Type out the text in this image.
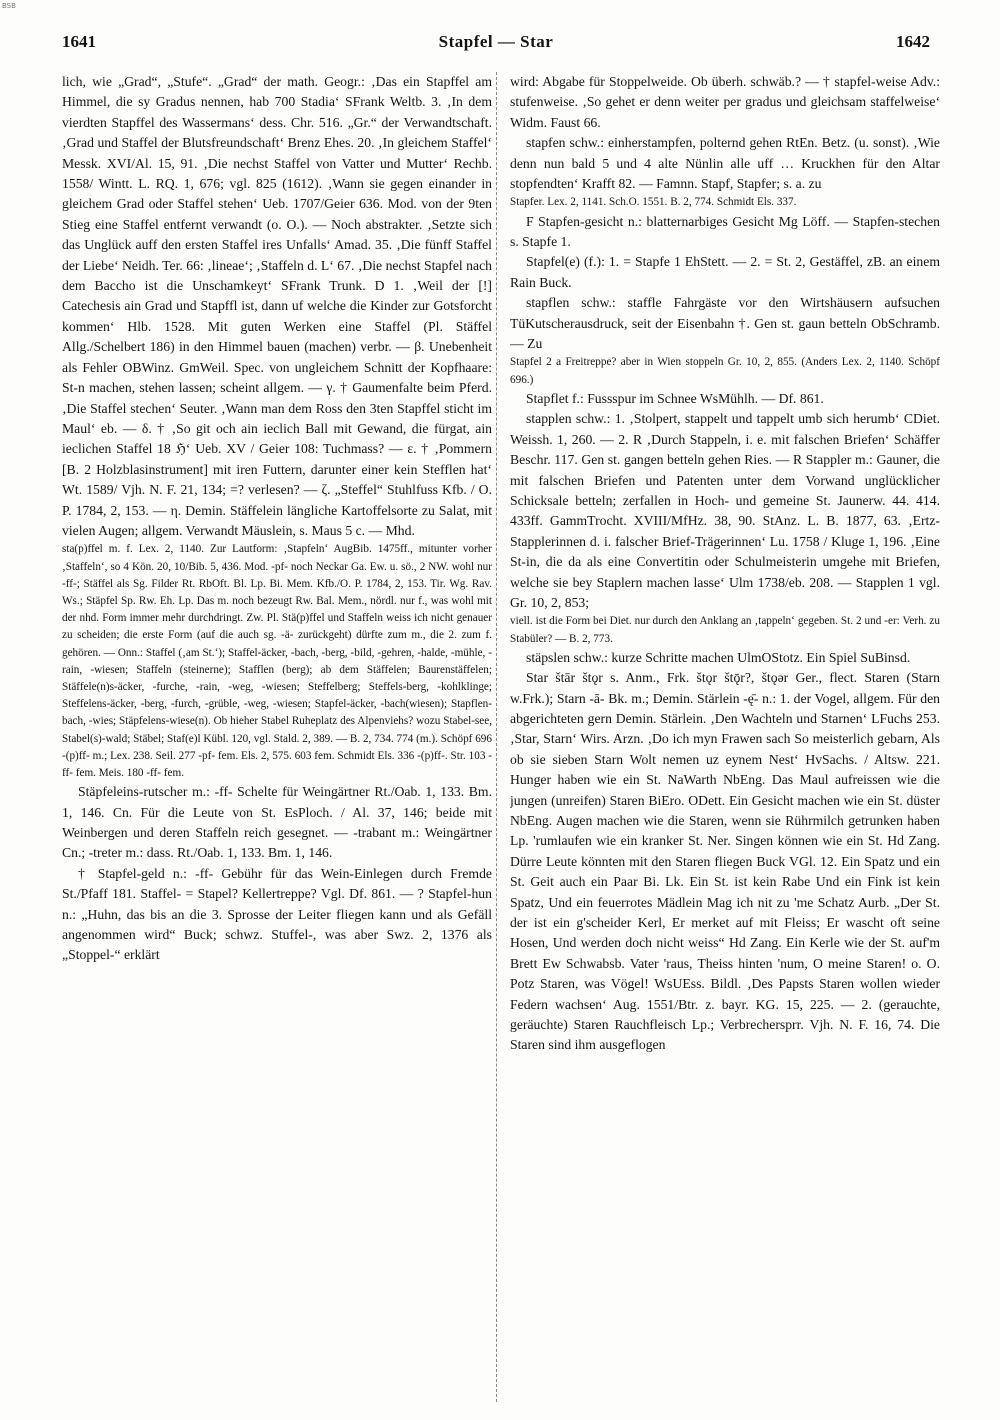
BSB
1641	Stapfel — Star	1642

lich, wie „Grad“, „Stufe“. „Grad“ der math. Geogr.: ‚Das ein Stapffel am Himmel, die sy Gradus nennen, hab 700 Stadia‘ SFrank Weltb. 3. ‚In dem vierdten Stapffel des Wassermans‘ dess. Chr. 516. „Gr.“ der Verwandtschaft. ‚Grad und Staffel der Blutsfreundschaft‘ Brenz Ehes. 20. ‚In gleichem Staffel‘ Messk. XVI/Al. 15, 91. ‚Die nechst Staffel von Vatter und Mutter‘ Rechb. 1558/ Wintt. L. RQ. 1, 676; vgl. 825 (1612). ‚Wann sie gegen einander in gleichem Grad oder Staffel stehen‘ Ueb. 1707/Geier 636. Mod. von der 9ten Stieg eine Staffel entfernt verwandt (o. O.). — Noch abstrakter. ‚Setzte sich das Unglück auff den ersten Staffel ires Unfalls‘ Amad. 35. ‚Die fünff Staffel der Liebe‘ Neidh. Ter. 66: ‚lineae‘; ‚Staffeln d. L‘ 67. ‚Die nechst Stapfel nach dem Baccho ist die Unschamkeyt‘ SFrank Trunk. D 1. ‚Weil der [!] Catechesis ain Grad und Stapffl ist, dann uf welche die Kinder zur Gotsforcht kommen‘ Hlb. 1528. Mit guten Werken eine Staffel (Pl. Stäffel Allg./Schelbert 186) in den Himmel bauen (machen) verbr. — β. Unebenheit als Fehler OBWinz. GmWeil. Spec. von ungleichem Schnitt der Kopfhaare: St-n machen, stehen lassen; scheint allgem. — γ. † Gaumenfalte beim Pferd. ‚Die Staffel stechen‘ Seuter. ‚Wann man dem Ross den 3ten Stapffel sticht im Maul‘ eb. — δ. † ‚So git och ain ieclich Ball mit Gewand, die fürgat, ain ieclichen Staffel 18 ℌ‘ Ueb. XV / Geier 108: Tuchmass? — ε. † ‚Pommern [B. 2 Holzblasinstrument] mit iren Futtern, darunter einer kein Stefflen hat‘ Wt. 1589/ Vjh. N. F. 21, 134; =? verlesen? — ζ. „Steffel“ Stuhlfuss Kfb. / O. P. 1784, 2, 153. — η. Demin. Stäffelein längliche Kartoffelsorte zu Salat, mit vielen Augen; allgem. Verwandt Mäuslein, s. Maus 5 c. — Mhd.

sta(p)ffel m. f. Lex. 2, 1140. Zur Lautform: ‚Stapfeln‘ AugBib. 1475ff., mitunter vorher ‚Staffeln‘, so 4 Kön. 20, 10/Bib. 5, 436. Mod. -pf- noch Neckar Ga. Ew. u. sö., 2 NW. wohl nur -ff-; Stäffel als Sg. Filder Rt. RbOft. Bl. Lp. Bi. Mem. Kfb./O. P. 1784, 2, 153. Tir. Wg. Rav. Ws.; Stäpfel Sp. Rw. Eh. Lp. Das m. noch bezeugt Rw. Bal. Mem., nördl. nur f., was wohl mit der nhd. Form immer mehr durchdringt. Zw. Pl. Stä(p)ffel und Staffeln weiss ich nicht genauer zu scheiden; die erste Form (auf die auch sg. -ä- zurückgeht) dürfte zum m., die 2. zum f. gehören. — Onn.: Staffel (‚am St.‘); Staffel-äcker, -bach, -berg, -bild, -gehren, -halde, -mühle, -rain, -wiesen; Staffeln (steinerne); Stafflen (berg); ab dem Stäffelen; Baurenstäffelen; Stäffele(n)s-äcker, -furche, -rain, -weg, -wiesen; Steffelberg; Steffels-berg, -kohlklinge; Steffelens-äcker, -berg, -furch, -grüble, -weg, -wiesen; Stapfel-äcker, -bach(wiesen); Stapflen-bach, -wies; Stäpfelens-wiese(n). Ob hieher Stabel Ruheplatz des Alpenviehs? wozu Stabel-see, Stabel(s)-wald; Stäbel; Staf(e)l Kübl. 120, vgl. Stald. 2, 389. — B. 2, 734. 774 (m.). Schöpf 696 -(p)ff- m.; Lex. 238. Seil. 277 -pf- fem. Els. 2, 575. 603 fem. Schmidt Els. 336 -(p)ff-. Str. 103 -ff- fem. Meis. 180 -ff- fem.

Stäpfeleins-rutscher m.: -ff- Schelte für Weingärtner Rt./Oab. 1, 133. Bm. 1, 146. Cn. Für die Leute von St. EsPloch. / Al. 37, 146; beide mit Weinbergen und deren Staffeln reich gesegnet. — -trabant m.: Weingärtner Cn.; -treter m.: dass. Rt./Oab. 1, 133. Bm. 1, 146.

† Stapfel-geld n.: -ff- Gebühr für das Wein-Einlegen durch Fremde St./Pfaff 181. Staffel- = Stapel? Kellertreppe? Vgl. Df. 861. — ? Stapfel-hun n.: „Huhn, das bis an die 3. Sprosse der Leiter fliegen kann und als Gefäll angenommen wird“ Buck; schwz. Stuffel-, was aber Swz. 2, 1376 als „Stoppel-“ erklärt

wird: Abgabe für Stoppelweide. Ob überh. schwäb.? — † stapfel-weise Adv.: stufenweise. ‚So gehet er denn weiter per gradus und gleichsam staffelweise‘ Widm. Faust 66.

stapfen schw.: einherstampfen, polternd gehen RtEn. Betz. (u. sonst). ‚Wie denn nun bald 5 und 4 alte Nünlin alle uff … Kruckhen für den Altar stopfendten‘ Krafft 82. — Famnn. Stapf, Stapfer; s. a. zu

Stapfer. Lex. 2, 1141. Sch.O. 1551. B. 2, 774. Schmidt Els. 337.

F Stapfen-gesicht n.: blatternarbiges Gesicht Mg Löff. — Stapfen-stechen s. Stapfe 1.

Stapfel(e) (f.): 1. = Stapfe 1 EhStett. — 2. = St. 2, Gestäffel, zB. an einem Rain Buck.

stapflen schw.: staffle Fahrgäste vor den Wirtshäusern aufsuchen TüKutscherausdruck, seit der Eisenbahn †. Gen st. gaun betteln ObSchramb. — Zu

Stapfel 2 a Freitreppe? aber in Wien stoppeln Gr. 10, 2, 855. (Anders Lex. 2, 1140. Schöpf 696.)

Stapflet f.: Fussspur im Schnee WsMühlh. — Df. 861.

stapplen schw.: 1. ‚Stolpert, stappelt und tappelt umb sich herumb‘ CDiet. Weissh. 1, 260. — 2. R ‚Durch Stappeln, i. e. mit falschen Briefen‘ Schäffer Beschr. 117. Gen st. gangen betteln gehen Ries. — R Stappler m.: Gauner, die mit falschen Briefen und Patenten unter dem Vorwand unglücklicher Schicksale betteln; zerfallen in Hoch- und gemeine St. Jaunerw. 44. 414. 433ff. GammTrocht. XVIII/MfHz. 38, 90. StAnz. L. B. 1877, 63. ‚Ertz-Stapplerinnen d. i. falscher Brief-Trägerinnen‘ Lu. 1758 / Kluge 1, 196. ‚Eine St-in, die da als eine Convertitin oder Schulmeisterin umgehe mit Briefen, welche sie bey Staplern machen lasse‘ Ulm 1738/eb. 208. — Stapplen 1 vgl. Gr. 10, 2, 853;

viell. ist die Form bei Diet. nur durch den Anklang an ‚tappeln‘ gegeben. St. 2 und -er: Verh. zu Stabüler? — B. 2, 773.

stäpslen schw.: kurze Schritte machen UlmOStotz. Ein Spiel SuBinsd.

Star štār štǫr s. Anm., Frk. štǫr štǭr?, štǫər Ger., flect. Staren (Starn w.Frk.); Starn -ā- Bk. m.; Demin. Stärlein -ę̄- n.: 1. der Vogel, allgem. Für den abgerichteten gern Demin. Stärlein. ‚Den Wachteln und Starnen‘ LFuchs 253. ‚Star, Starn‘ Wirs. Arzn. ‚Do ich myn Frawen sach So meisterlich gebarn, Als ob sie sieben Starn Wolt nemen uz eynem Nest‘ HvSachs. / Altsw. 221. Hunger haben wie ein St. NaWarth NbEng. Das Maul aufreissen wie die jungen (unreifen) Staren BiEro. ODett. Ein Gesicht machen wie ein St. düster NbEng. Augen machen wie die Staren, wenn sie Rührmilch getrunken haben Lp. 'rumlaufen wie ein kranker St. Ner. Singen können wie ein St. Hd Zang. Dürre Leute könnten mit den Staren fliegen Buck VGl. 12. Ein Spatz und ein St. Geit auch ein Paar Bi. Lk. Ein St. ist kein Rabe Und ein Fink ist kein Spatz, Und ein feuerrotes Mädlein Mag ich nit zu 'me Schatz Aurb. „Der St. der ist ein g'scheider Kerl, Er merket auf mit Fleiss; Er wascht oft seine Hosen, Und werden doch nicht weiss“ Hd Zang. Ein Kerle wie der St. auf'm Brett Ew Schwabsb. Vater 'raus, Theiss hinten 'num, O meine Staren! o. O. Potz Staren, was Vögel! WsUEss. Bildl. ‚Des Papsts Staren wollen wieder Federn wachsen‘ Aug. 1551/Btr. z. bayr. KG. 15, 225. — 2. (gerauchte, geräuchte) Staren Rauchfleisch Lp.; Verbrechersprr. Vjh. N. F. 16, 74. Die Staren sind ihm ausgeflogen
